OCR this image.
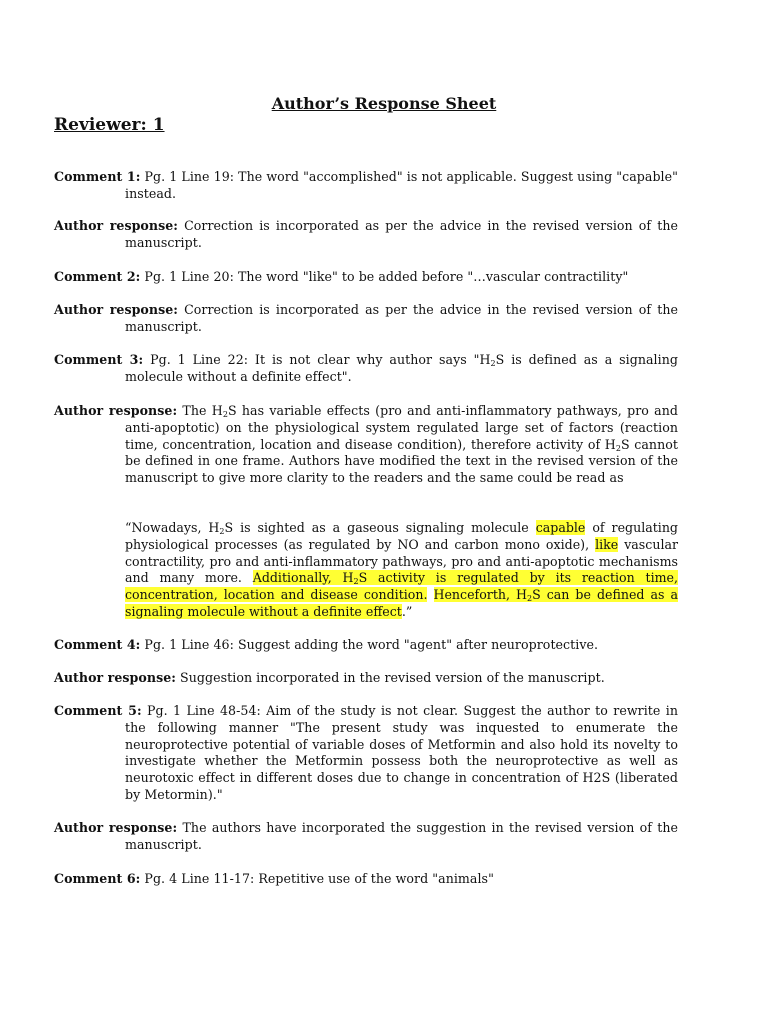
Author’s Response Sheet
Reviewer: 1
Comment 1: Pg. 1 Line 19: The word "accomplished" is not applicable. Suggest using "capable" instead.
Author response: Correction is incorporated as per the advice in the revised version of the manuscript.
Comment 2: Pg. 1 Line 20: The word "like" to be added before "…vascular contractility"
Author response: Correction is incorporated as per the advice in the revised version of the manuscript.
Comment 3: Pg. 1 Line 22: It is not clear why author says "$H_2S$ is defined as a signaling molecule without a definite effect".
Author response: The $H_2S$ has variable effects (pro and anti-inflammatory pathways, pro and anti-apoptotic) on the physiological system regulated large set of factors (reaction time, concentration, location and disease condition), therefore activity of $H_2S$ cannot be defined in one frame. Authors have modified the text in the revised version of the manuscript to give more clarity to the readers and the same could be read as
“Nowadays, $H_2S$ is sighted as a gaseous signaling molecule capable of regulating physiological processes (as regulated by NO and carbon mono oxide), like vascular contractility, pro and anti-inflammatory pathways, pro and anti-apoptotic mechanisms and many more. Additionally, $H_2S$ activity is regulated by its reaction time, concentration, location and disease condition. Henceforth, $H_2S$ can be defined as a signaling molecule without a definite effect.”
Comment 4: Pg. 1 Line 46: Suggest adding the word "agent" after neuroprotective.
Author response: Suggestion incorporated in the revised version of the manuscript.
Comment 5: Pg. 1 Line 48-54: Aim of the study is not clear. Suggest the author to rewrite in the following manner "The present study was inquested to enumerate the neuroprotective potential of variable doses of Metformin and also hold its novelty to investigate whether the Metformin possess both the neuroprotective as well as neurotoxic effect in different doses due to change in concentration of H2S (liberated by Metormin)."
Author response: The authors have incorporated the suggestion in the revised version of the manuscript.
Comment 6: Pg. 4 Line 11-17: Repetitive use of the word "animals"
